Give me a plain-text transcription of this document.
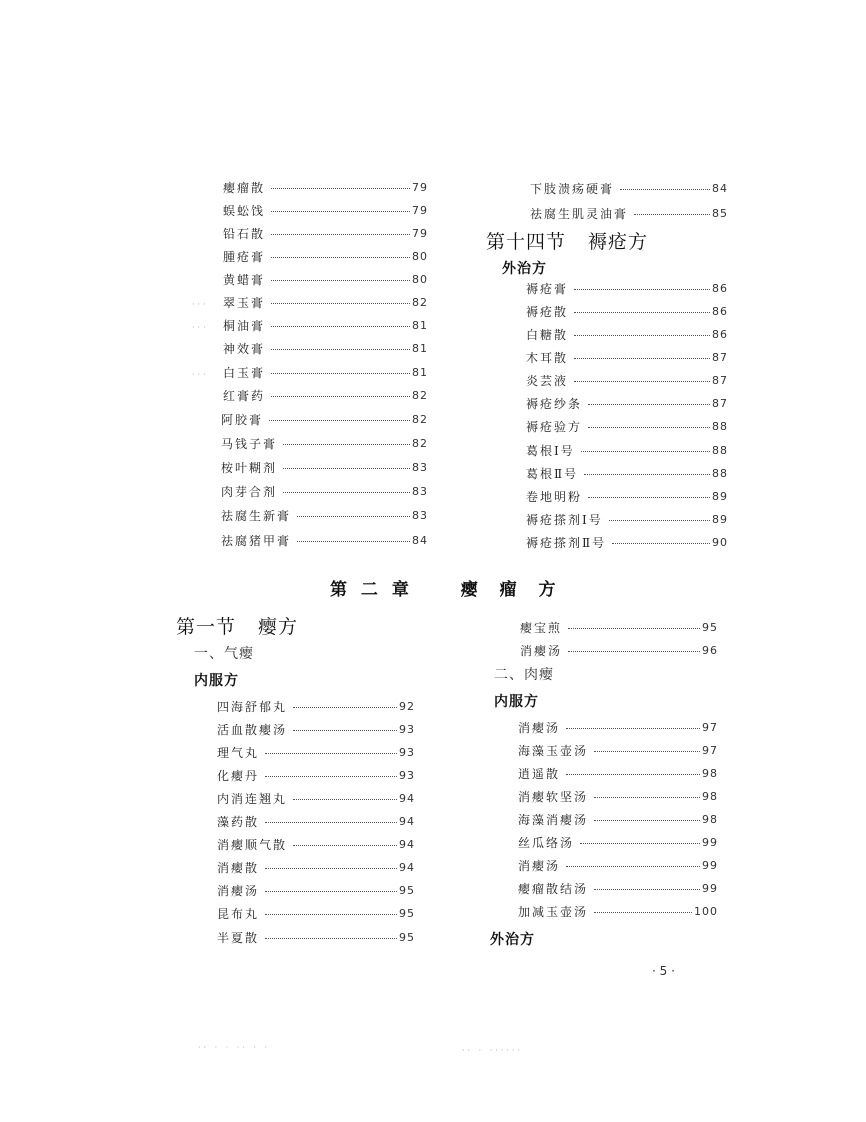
瘿瘤散	79
蜈蚣饯	79
铅石散	79
腫疮膏	80
黄蜡膏	80
翠玉膏	82
桐油膏	81
神效膏	81
白玉膏	81
红膏药	82
阿胶膏	82
马钱子膏	82
桉叶糊剂	83
肉芽合剂	83
祛腐生新膏	83
祛腐猪甲膏	84
下肢溃疡硬膏	84
祛腐生肌灵油膏	85
第十四节 褥疮方
外治方
褥疮膏	86
褥疮散	86
白糖散	86
木耳散	87
炎芸液	87
褥疮纱条	87
褥疮验方	88
葛根Ⅰ号	88
葛根Ⅱ号	88
卷地明粉	89
褥疮搽剂Ⅰ号	89
褥疮搽剂Ⅱ号	90
第 二 章	瘿 瘤 方
第一节 瘿方
一、气瘿
内服方
四海舒郁丸	92
活血散瘿汤	93
理气丸	93
化瘿丹	93
内消连翘丸	94
藻药散	94
消瘿顺气散	94
消瘿散	94
消瘿汤	95
昆布丸	95
半夏散	95
瘿宝煎	95
消瘿汤	96
二、肉瘿
内服方
消瘿汤	97
海藻玉壶汤	97
逍遥散	98
消瘿软坚汤	98
海藻消瘿汤	98
丝瓜络汤	99
消瘿汤	99
瘿瘤散结汤	99
加减玉壶汤	100
外治方
· 5 ·
···
···
···
·· · · ·· · ·	·· · ······
